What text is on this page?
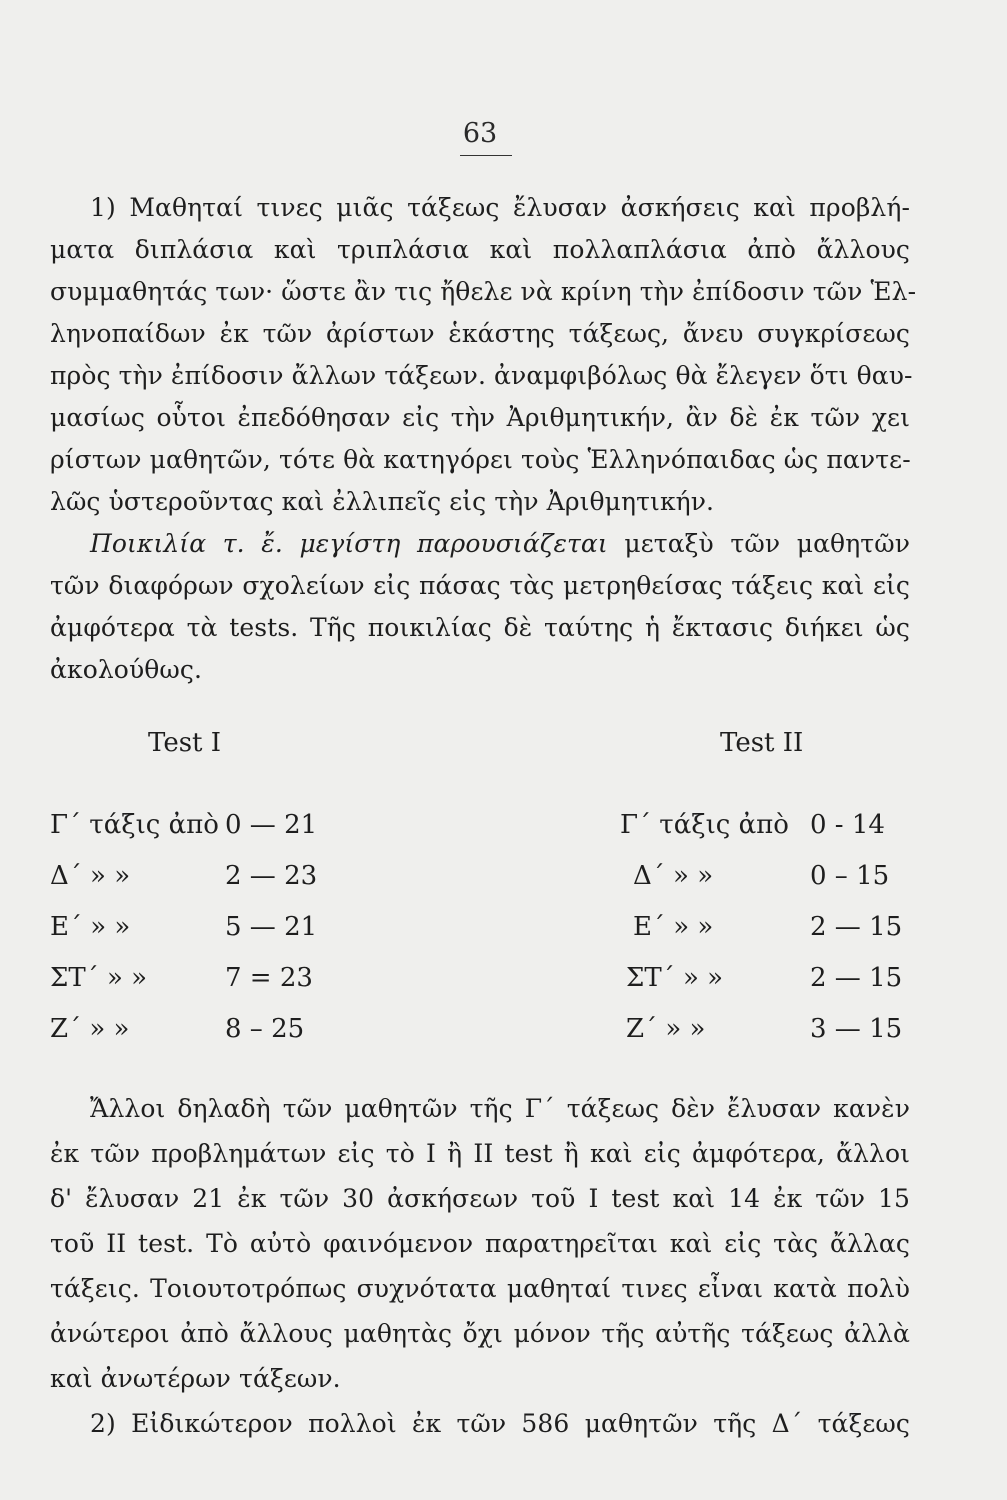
63
1) Μαθηταί τινες μιᾶς τάξεως ἔλυσαν ἀσκήσεις καὶ προβλή-
ματα διπλάσια καὶ τριπλάσια καὶ πολλαπλάσια ἀπὸ ἄλλους
συμμαθητάς των· ὥστε ἂν τις ἤθελε νὰ κρίνη τὴν ἐπίδοσιν τῶν Ἑλ-
ληνοπαίδων ἐκ τῶν ἀρίστων ἑκάστης τάξεως, ἄνευ συγκρίσεως
πρὸς τὴν ἐπίδοσιν ἄλλων τάξεων. ἀναμφιβόλως θὰ ἔλεγεν ὅτι θαυ-
μασίως οὗτοι ἐπεδόθησαν εἰς τὴν Ἀριθμητικήν, ἂν δὲ ἐκ τῶν χει
ρίστων μαθητῶν, τότε θὰ κατηγόρει τοὺς Ἑλληνόπαιδας ὡς παντε-
λῶς ὑστεροῦντας καὶ ἐλλιπεῖς εἰς τὴν Ἀριθμητικήν.
Ποικιλία τ. ἔ. μεγίστη παρουσιάζεται μεταξὺ τῶν μαθητῶν
τῶν διαφόρων σχολείων εἰς πάσας τὰς μετρηθείσας τάξεις καὶ εἰς
ἀμφότερα τὰ tests. Τῆς ποικιλίας δὲ ταύτης ἡ ἔκτασις διήκει ὡς
ἀκολούθως.
Test I	Test II
Γ΄ τάξις ἀπὸ 0 — 21	Γ΄ τάξις ἀπὸ 0 - 14
Δ΄ » »	2 — 23	Δ΄ » »	0 – 15
Ε΄ » »	5 — 21	Ε΄ » »	2 — 15
ΣΤ΄ » »	7 = 23	ΣΤ΄ » »	2 — 15
Ζ΄ » »	8 – 25	Ζ΄ » »	3 — 15
Ἄλλοι δηλαδὴ τῶν μαθητῶν τῆς Γ΄ τάξεως δὲν ἔλυσαν κανὲν
ἐκ τῶν προβλημάτων εἰς τὸ I ἢ II test ἢ καὶ εἰς ἀμφότερα, ἄλλοι
δ' ἔλυσαν 21 ἐκ τῶν 30 ἀσκήσεων τοῦ I test καὶ 14 ἐκ τῶν 15
τοῦ II test. Τὸ αὐτὸ φαινόμενον παρατηρεῖται καὶ εἰς τὰς ἄλλας
τάξεις. Τοιουτοτρόπως συχνότατα μαθηταί τινες εἶναι κατὰ πολὺ
ἀνώτεροι ἀπὸ ἄλλους μαθητὰς ὄχι μόνον τῆς αὐτῆς τάξεως ἀλλὰ
καὶ ἀνωτέρων τάξεων.
2) Εἰδικώτερον πολλοὶ ἐκ τῶν 586 μαθητῶν τῆς Δ΄ τάξεως
